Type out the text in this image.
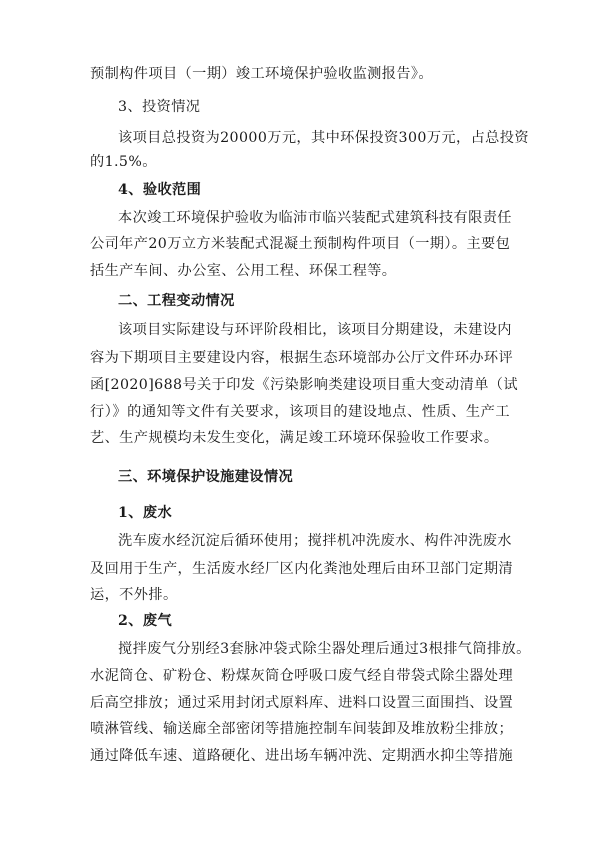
预制构件项目（一期）竣工环境保护验收监测报告》。
3、投资情况
该项目总投资为20000万元，其中环保投资300万元，占总投资
的1.5%。
4、验收范围
本次竣工环境保护验收为临沛市临兴装配式建筑科技有限责任
公司年产20万立方米装配式混凝土预制构件项目（一期）。主要包
括生产车间、办公室、公用工程、环保工程等。
二、工程变动情况
该项目实际建设与环评阶段相比，该项目分期建设，未建设内
容为下期项目主要建设内容，根据生态环境部办公厅文件环办环评
函[2020]688号关于印发《污染影响类建设项目重大变动清单（试
行）》的通知等文件有关要求，该项目的建设地点、性质、生产工
艺、生产规模均未发生变化，满足竣工环境环保验收工作要求。
三、环境保护设施建设情况
1、废水
洗车废水经沉淀后循环使用；搅拌机冲洗废水、构件冲洗废水
及回用于生产，生活废水经厂区内化粪池处理后由环卫部门定期清
运，不外排。
2、废气
搅拌废气分别经3套脉冲袋式除尘器处理后通过3根排气筒排放。
水泥筒仓、矿粉仓、粉煤灰筒仓呼吸口废气经自带袋式除尘器处理
后高空排放；通过采用封闭式原料库、进料口设置三面围挡、设置
喷淋管线、输送廊全部密闭等措施控制车间装卸及堆放粉尘排放；
通过降低车速、道路硬化、进出场车辆冲洗、定期洒水抑尘等措施
